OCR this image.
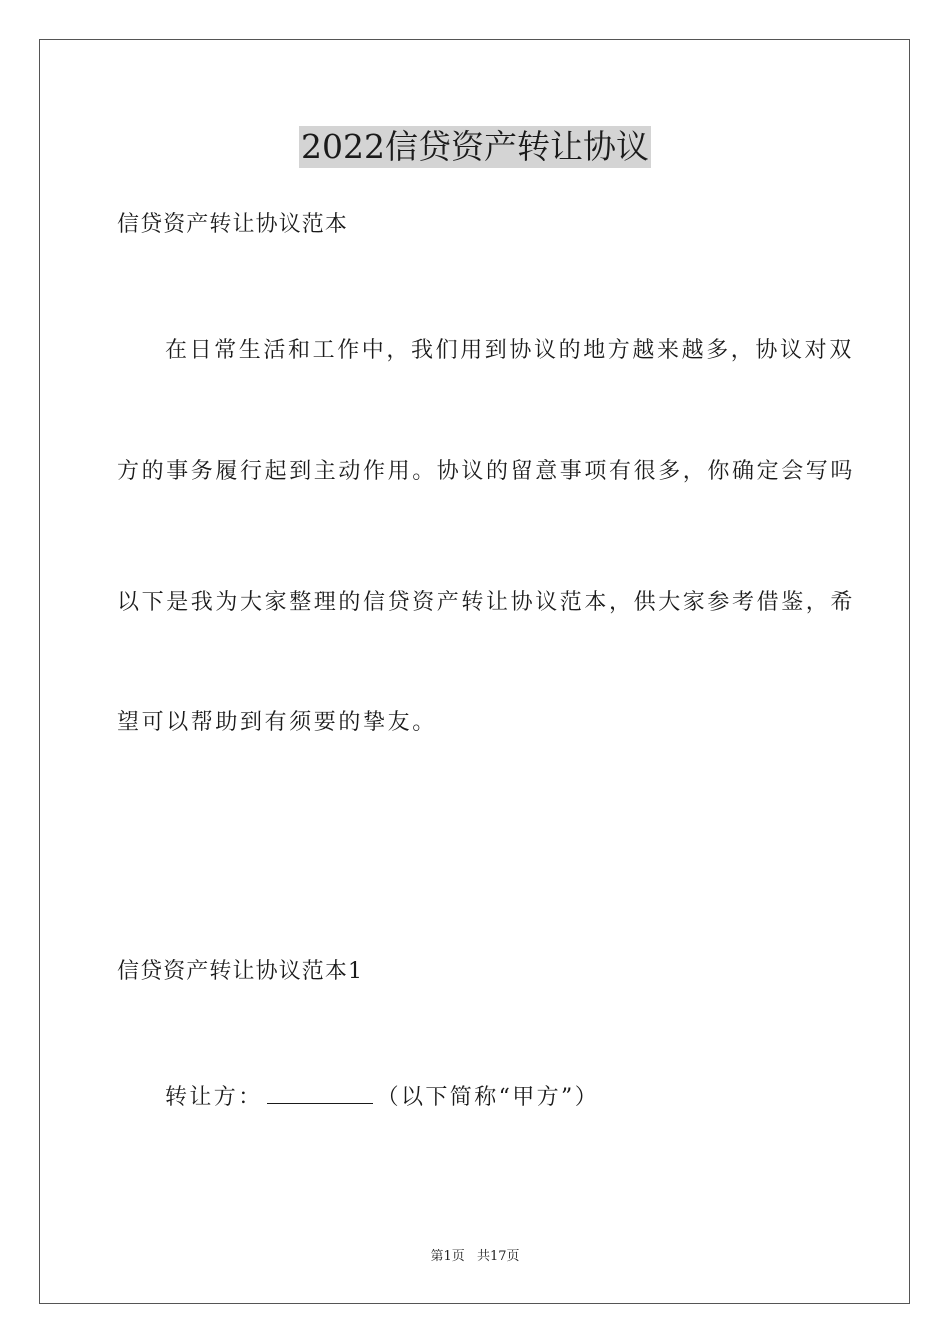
2022信贷资产转让协议
信贷资产转让协议范本
在日常生活和工作中，我们用到协议的地方越来越多，协议对双
方的事务履行起到主动作用。协议的留意事项有很多，你确定会写吗
以下是我为大家整理的信贷资产转让协议范本，供大家参考借鉴，希
望可以帮助到有须要的挚友。
信贷资产转让协议范本1
转让方：	（以下简称“甲方”）
第1页 共17页
